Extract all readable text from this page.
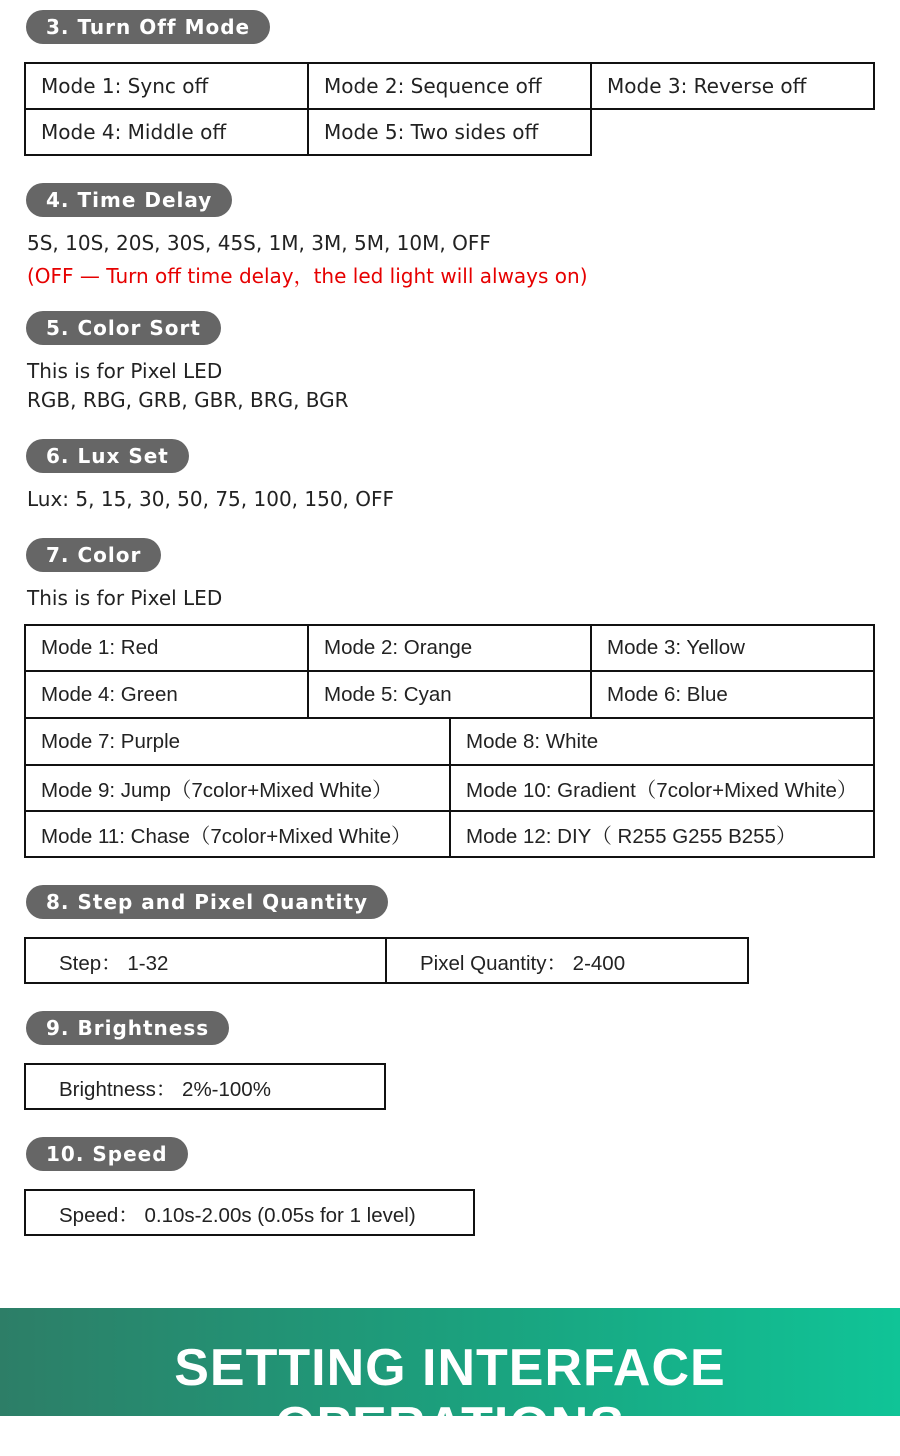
3. Turn Off Mode
Mode 1: Sync off	Mode 2: Sequence off	Mode 3: Reverse off
Mode 4: Middle off	Mode 5: Two sides off
4. Time Delay
5S, 10S, 20S, 30S, 45S, 1M, 3M, 5M, 10M, OFF
(OFF — Turn off time delay，the led light will always on)
5. Color Sort
This is for Pixel LED
RGB, RBG, GRB, GBR, BRG, BGR
6. Lux Set
Lux: 5, 15, 30, 50, 75, 100, 150, OFF
7. Color
This is for Pixel LED
Mode 1: Red	Mode 2: Orange	Mode 3: Yellow
Mode 4: Green	Mode 5: Cyan	Mode 6: Blue
Mode 7: Purple	Mode 8: White
Mode 9: Jump（7color+Mixed White）	Mode 10: Gradient（7color+Mixed White）
Mode 11: Chase（7color+Mixed White）	Mode 12: DIY（ R255 G255 B255）
8. Step and Pixel Quantity
Step： 1-32	Pixel Quantity： 2-400
9. Brightness
Brightness： 2%-100%
10. Speed
Speed： 0.10s-2.00s (0.05s for 1 level)
SETTING INTERFACE
OPERATIONS
